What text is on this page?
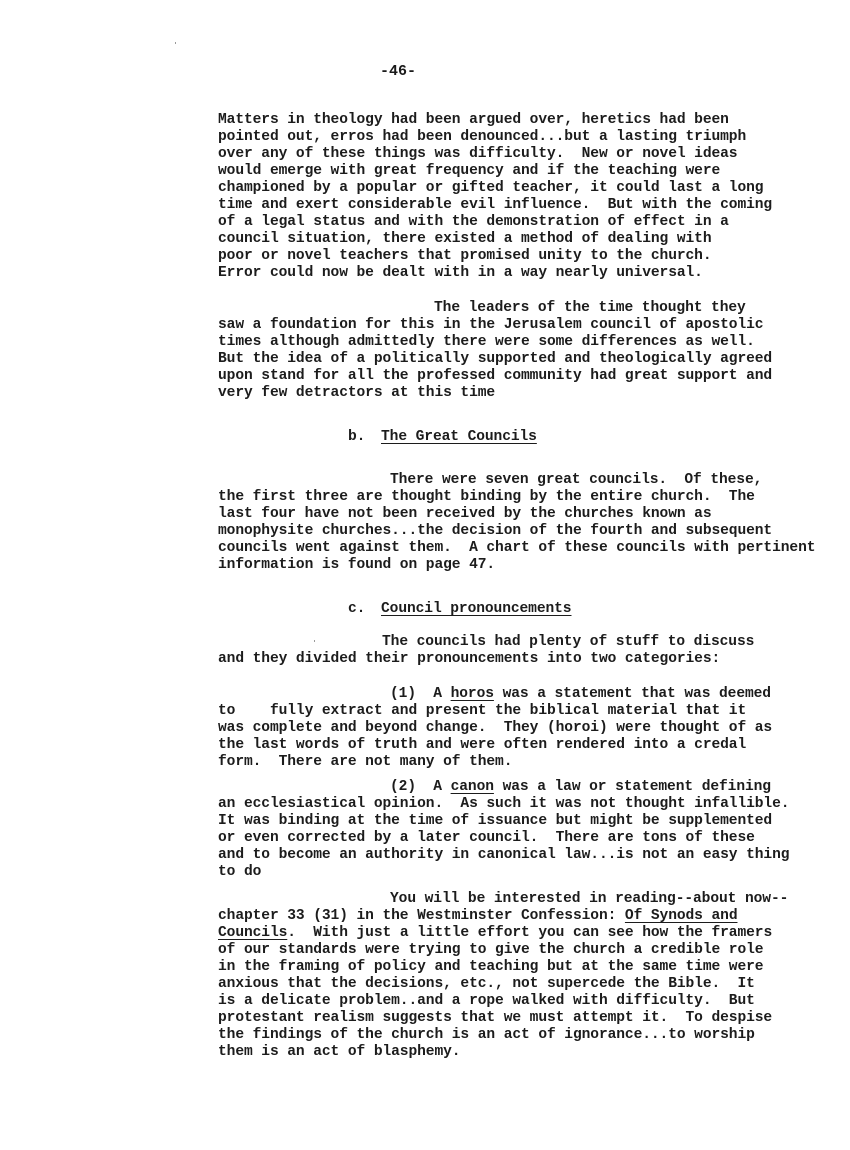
-46-
Matters in theology had been argued over, heretics had been
pointed out, erros had been denounced...but a lasting triumph
over any of these things was difficulty.  New or novel ideas
would emerge with great frequency and if the teaching were
championed by a popular or gifted teacher, it could last a long
time and exert considerable evil influence.  But with the coming
of a legal status and with the demonstration of effect in a
council situation, there existed a method of dealing with
poor or novel teachers that promised unity to the church.
Error could now be dealt with in a way nearly universal.
The leaders of the time thought they
saw a foundation for this in the Jerusalem council of apostolic
times although admittedly there were some differences as well.
But the idea of a politically supported and theologically agreed
upon stand for all the professed community had great support and
very few detractors at this time
b. The Great Councils
There were seven great councils.  Of these,
the first three are thought binding by the entire church.  The
last four have not been received by the churches known as
monophysite churches...the decision of the fourth and subsequent
councils went against them.  A chart of these councils with pertinent
information is found on page 47.
c. Council pronouncements
The councils had plenty of stuff to discuss
and they divided their pronouncements into two categories:
(1)  A horos was a statement that was deemed
to    fully extract and present the biblical material that it
was complete and beyond change.  They (horoi) were thought of as
the last words of truth and were often rendered into a credal
form.  There are not many of them.
(2)  A canon was a law or statement defining
an ecclesiastical opinion.  As such it was not thought infallible.
It was binding at the time of issuance but might be supplemented
or even corrected by a later council.  There are tons of these
and to become an authority in canonical law...is not an easy thing
to do
You will be interested in reading--about now--
chapter 33 (31) in the Westminster Confession: Of Synods and
Councils.  With just a little effort you can see how the framers
of our standards were trying to give the church a credible role
in the framing of policy and teaching but at the same time were
anxious that the decisions, etc., not supercede the Bible.  It
is a delicate problem..and a rope walked with difficulty.  But
protestant realism suggests that we must attempt it.  To despise
the findings of the church is an act of ignorance...to worship
them is an act of blasphemy.
